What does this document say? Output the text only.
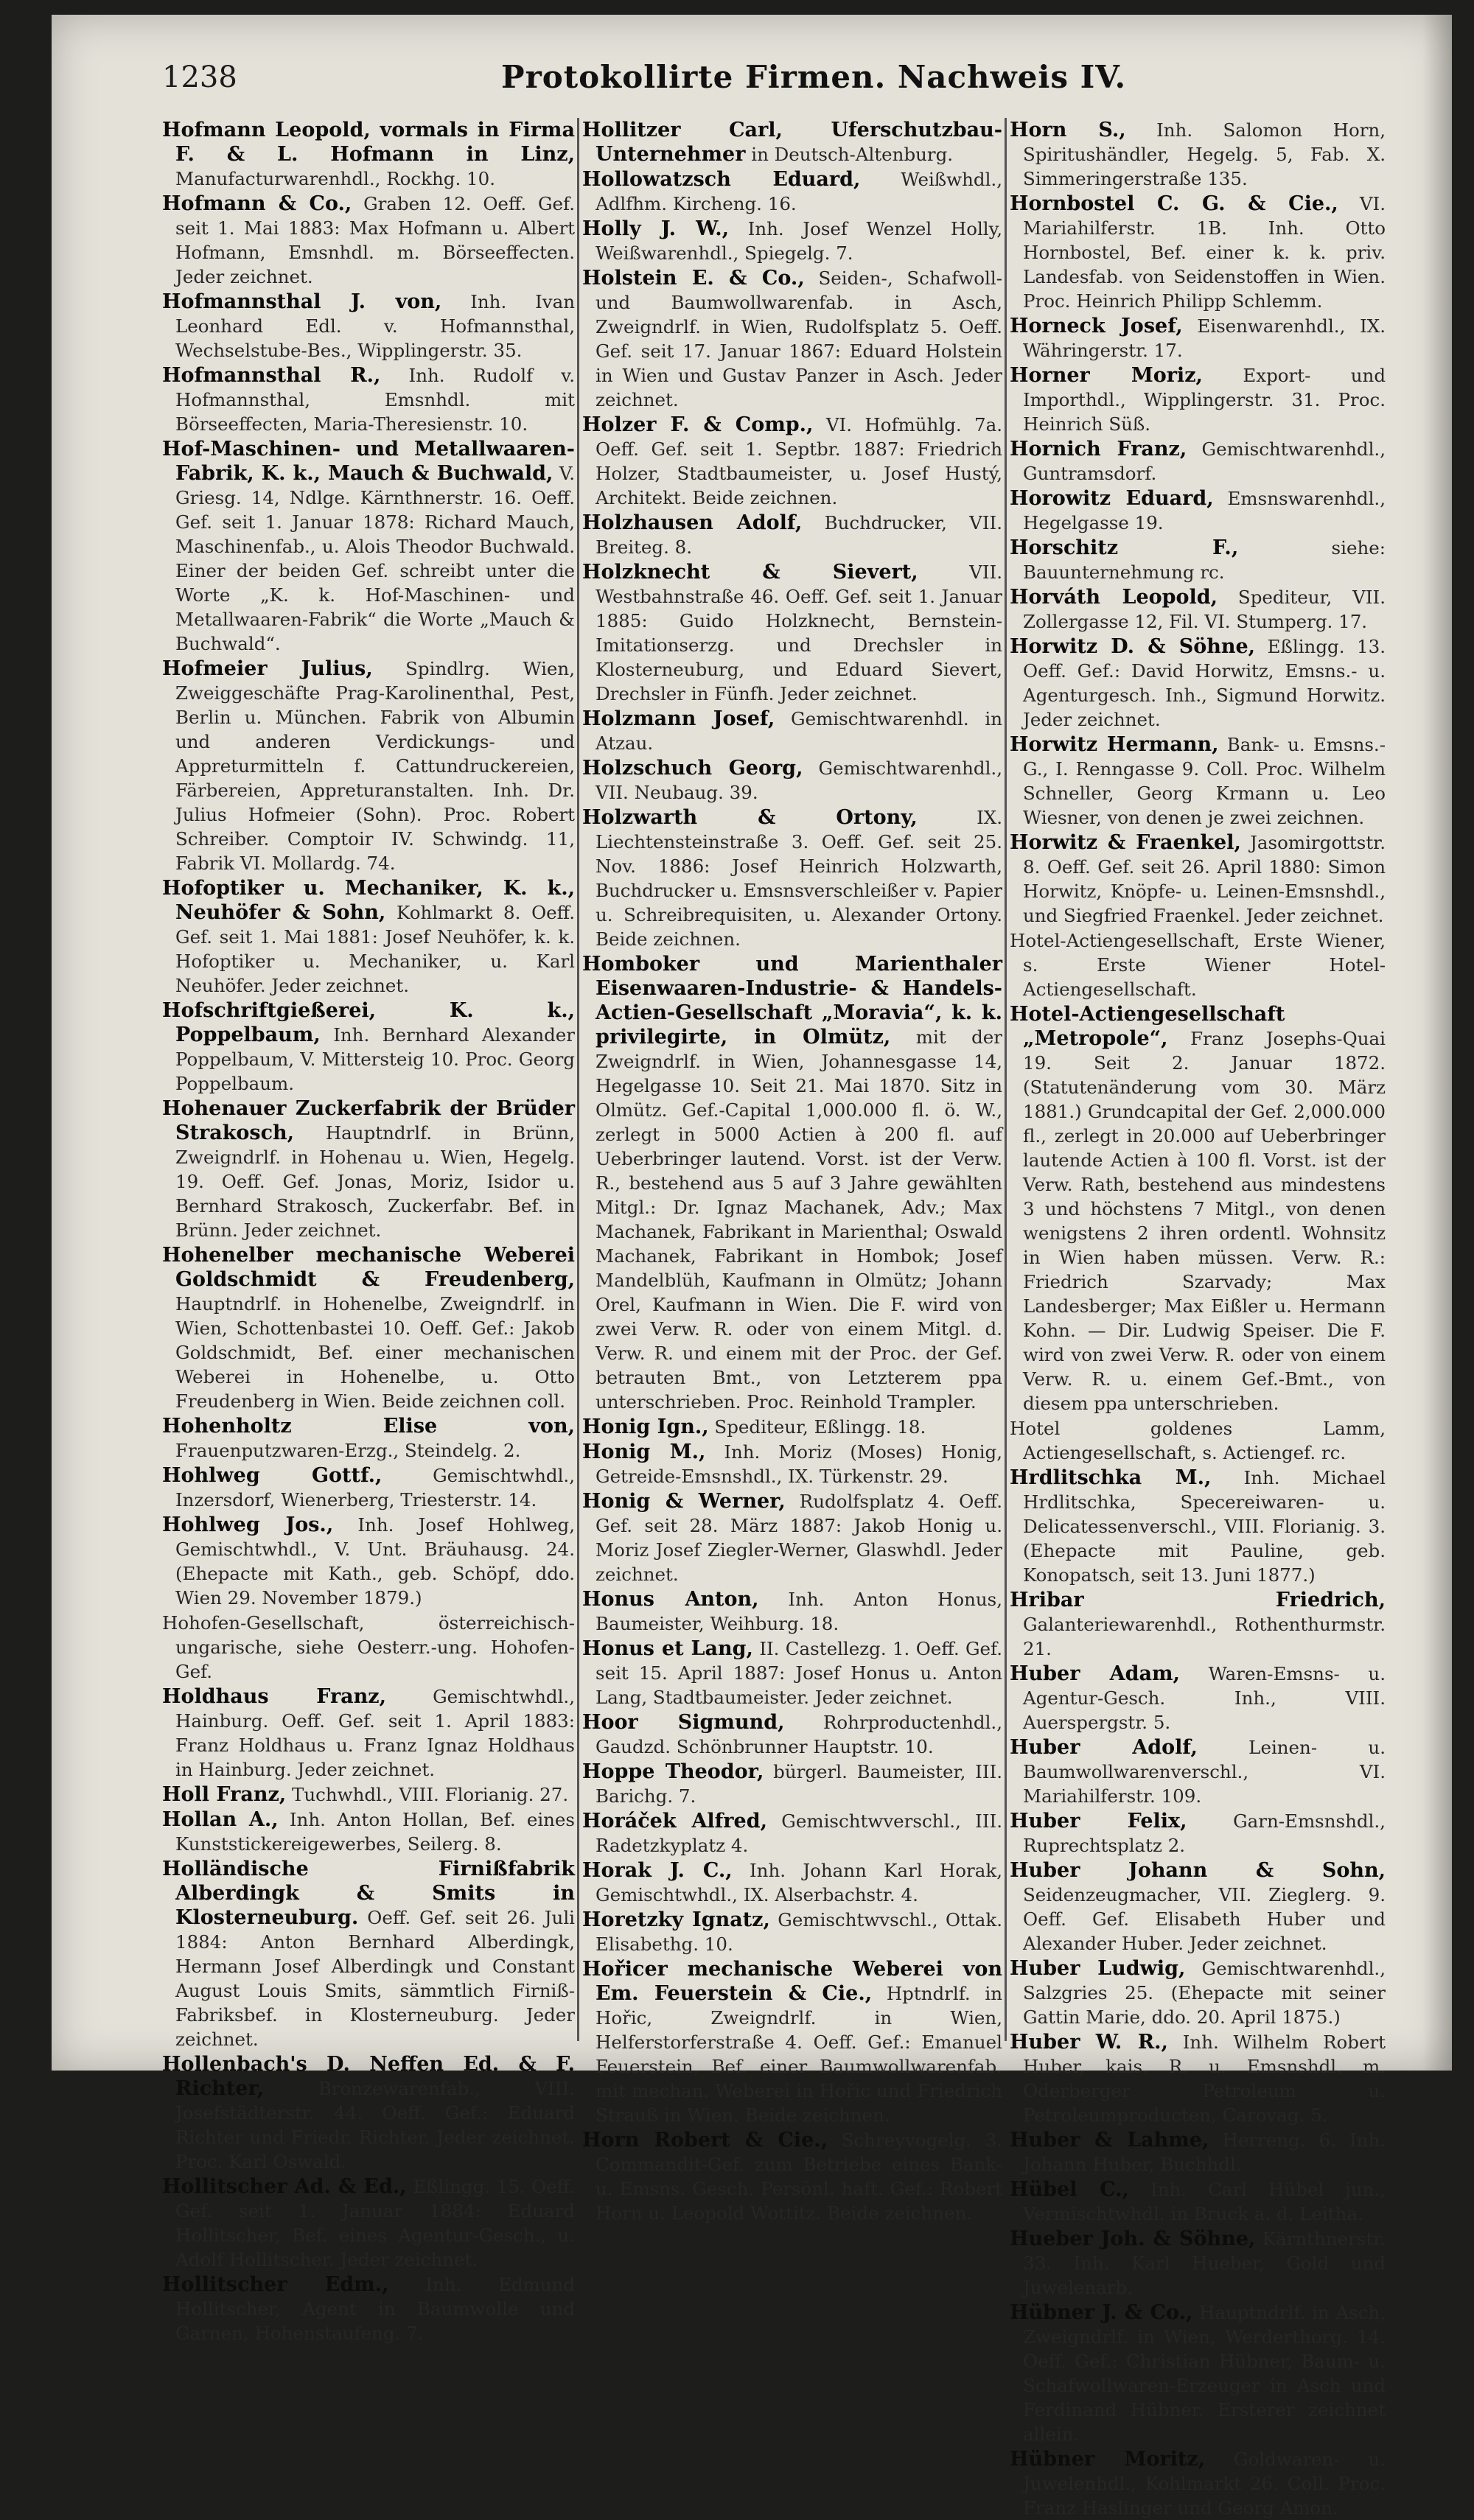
1238	Protokollirte Firmen. Nachweis IV.

Hofmann Leopold, vormals in Firma F. & L. Hofmann in Linz, Manufacturwarenhdl., Rockhg. 10.

Hofmann & Co., Graben 12. Oeff. Gef. seit 1. Mai 1883: Max Hofmann u. Albert Hofmann, Emsnhdl. m. Börseeffecten. Jeder zeichnet.

Hofmannsthal J. von, Inh. Ivan Leonhard Edl. v. Hofmannsthal, Wechselstube-Bes., Wipplingerstr. 35.

Hofmannsthal R., Inh. Rudolf v. Hofmannsthal, Emsnhdl. mit Börseeffecten, Maria-Theresienstr. 10.

Hof-Maschinen- und Metallwaaren-Fabrik, K. k., Mauch & Buchwald, V. Griesg. 14, Ndlge. Kärnthnerstr. 16. Oeff. Gef. seit 1. Januar 1878: Richard Mauch, Maschinenfab., u. Alois Theodor Buchwald. Einer der beiden Gef. schreibt unter die Worte „K. k. Hof-Maschinen- und Metallwaaren-Fabrik“ die Worte „Mauch & Buchwald“.

Hofmeier Julius, Spindlrg. Wien, Zweiggeschäfte Prag-Karolinenthal, Pest, Berlin u. München. Fabrik von Albumin und anderen Verdickungs- und Appreturmitteln f. Cattundruckereien, Färbereien, Appreturanstalten. Inh. Dr. Julius Hofmeier (Sohn). Proc. Robert Schreiber. Comptoir IV. Schwindg. 11, Fabrik VI. Mollardg. 74.

Hofoptiker u. Mechaniker, K. k., Neuhöfer & Sohn, Kohlmarkt 8. Oeff. Gef. seit 1. Mai 1881: Josef Neuhöfer, k. k. Hofoptiker u. Mechaniker, u. Karl Neuhöfer. Jeder zeichnet.

Hofschriftgießerei, K. k., Poppelbaum, Inh. Bernhard Alexander Poppelbaum, V. Mittersteig 10. Proc. Georg Poppelbaum.

Hohenauer Zuckerfabrik der Brüder Strakosch, Hauptndrlf. in Brünn, Zweigndrlf. in Hohenau u. Wien, Hegelg. 19. Oeff. Gef. Jonas, Moriz, Isidor u. Bernhard Strakosch, Zuckerfabr. Bef. in Brünn. Jeder zeichnet.

Hohenelber mechanische Weberei Goldschmidt & Freudenberg, Hauptndrlf. in Hohenelbe, Zweigndrlf. in Wien, Schottenbastei 10. Oeff. Gef.: Jakob Goldschmidt, Bef. einer mechanischen Weberei in Hohenelbe, u. Otto Freudenberg in Wien. Beide zeichnen coll.

Hohenholtz Elise von, Frauenputzwaren-Erzg., Steindelg. 2.

Hohlweg Gottf.,	Gemischtwhdl., Inzersdorf, Wienerberg, Triesterstr. 14.

Hohlweg Jos., Inh. Josef Hohlweg, Gemischtwhdl., V. Unt. Bräuhausg. 24. (Ehepacte mit Kath., geb. Schöpf, ddo. Wien 29. November 1879.)

Hohofen-Gesellschaft, österreichisch-ungarische, siehe Oesterr.-ung. Hohofen-Gef.

Holdhaus Franz,	Gemischtwhdl., Hainburg. Oeff. Gef. seit 1. April 1883: Franz Holdhaus u. Franz Ignaz Holdhaus in Hainburg. Jeder zeichnet.

Holl Franz, Tuchwhdl., VIII. Florianig. 27.

Hollan A., Inh. Anton Hollan, Bef. eines Kunststickereigewerbes, Seilerg. 8.

Holländische Firnißfabrik Alberdingk & Smits in Klosterneuburg. Oeff. Gef. seit 26. Juli 1884: Anton Bernhard Alberdingk, Hermann Josef Alberdingk und Constant August Louis Smits, sämmtlich Firniß-Fabriksbef. in Klosterneuburg. Jeder zeichnet.

Hollenbach's D. Neffen Ed. & F. Richter,	Bronzewarenfab., VIII. Josefstädterstr. 44. Oeff. Gef.: Eduard Richter und Friedr. Richter. Jeder zeichnet. Proc. Karl Oswald.

Hollitscher Ad. & Ed., Eßlingg. 15. Oeff. Gef. seit 1. Januar 1884: Eduard Hollitscher, Bef. eines Agentur-Gesch., u. Adolf Hollitscher. Jeder zeichnet.

Hollitscher Edm., Inh. Edmund Hollitscher, Agent in Baumwolle und Garnen, Hohenstaufeng. 7.

Hollitzer Carl, Uferschutzbau-Unternehmer in Deutsch-Altenburg.

Hollowatzsch Eduard, Weißwhdl., Adlfhm. Kircheng. 16.

Holly J. W., Inh. Josef Wenzel Holly, Weißwarenhdl., Spiegelg. 7.

Holstein E. & Co., Seiden-, Schafwoll- und Baumwollwarenfab. in Asch, Zweigndrlf. in Wien, Rudolfsplatz 5. Oeff. Gef. seit 17. Januar 1867: Eduard Holstein in Wien und Gustav Panzer in Asch. Jeder zeichnet.

Holzer F. & Comp., VI. Hofmühlg. 7a. Oeff. Gef. seit 1. Septbr. 1887: Friedrich Holzer, Stadtbaumeister, u. Josef Hustý, Architekt. Beide zeichnen.

Holzhausen Adolf, Buchdrucker, VII. Breiteg. 8.

Holzknecht & Sievert,	VII. Westbahnstraße 46. Oeff. Gef. seit 1. Januar 1885: Guido Holzknecht, Bernstein-Imitationserzg. und Drechsler in Klosterneuburg, und Eduard Sievert, Drechsler in Fünfh. Jeder zeichnet.

Holzmann Josef, Gemischtwarenhdl. in Atzau.

Holzschuch Georg, Gemischtwarenhdl., VII. Neubaug. 39.

Holzwarth & Ortony,	IX. Liechtensteinstraße 3. Oeff. Gef. seit 25. Nov. 1886: Josef Heinrich Holzwarth, Buchdrucker u. Emsnsverschleißer v. Papier u. Schreibrequisiten, u. Alexander Ortony. Beide zeichnen.

Homboker und Marienthaler Eisenwaaren-Industrie- & Handels-Actien-Gesellschaft „Moravia“, k. k. privilegirte, in Olmütz, mit der Zweigndrlf. in Wien, Johannesgasse 14, Hegelgasse 10. Seit 21. Mai 1870. Sitz in Olmütz. Gef.-Capital 1,000.000 fl. ö. W., zerlegt in 5000 Actien à 200 fl. auf Ueberbringer lautend. Vorst. ist der Verw. R., bestehend aus 5 auf 3 Jahre gewählten Mitgl.: Dr. Ignaz Machanek, Adv.; Max Machanek, Fabrikant in Marienthal; Oswald Machanek, Fabrikant in Hombok; Josef Mandelblüh, Kaufmann in Olmütz; Johann Orel, Kaufmann in Wien. Die F. wird von zwei Verw. R. oder von einem Mitgl. d. Verw. R. und einem mit der Proc. der Gef. betrauten Bmt., von Letzterem ppa unterschrieben. Proc. Reinhold Trampler.

Honig Ign., Spediteur, Eßlingg. 18.

Honig M., Inh. Moriz (Moses) Honig, Getreide-Emsnshdl., IX. Türkenstr. 29.

Honig & Werner, Rudolfsplatz 4. Oeff. Gef. seit 28. März 1887: Jakob Honig u. Moriz Josef Ziegler-Werner, Glaswhdl. Jeder zeichnet.

Honus Anton, Inh. Anton Honus, Baumeister, Weihburg. 18.

Honus et Lang, II. Castellezg. 1. Oeff. Gef. seit 15. April 1887: Josef Honus u. Anton Lang, Stadtbaumeister. Jeder zeichnet.

Hoor Sigmund, Rohrproductenhdl., Gaudzd. Schönbrunner Hauptstr. 10.

Hoppe Theodor, bürgerl. Baumeister, III. Barichg. 7.

Horáček Alfred, Gemischtwverschl., III. Radetzkyplatz 4.

Horak J. C., Inh. Johann Karl Horak, Gemischtwhdl., IX. Alserbachstr. 4.

Horetzky Ignatz, Gemischtwvschl., Ottak. Elisabethg. 10.

Hořicer mechanische Weberei von Em. Feuerstein & Cie., Hptndrlf. in Hořic, Zweigndrlf. in Wien, Helferstorferstraße 4. Oeff. Gef.: Emanuel Feuerstein, Bef. einer Baumwollwarenfab. mit mechan. Weberei in Hořic und Friedrich Strauß in Wien. Beide zeichnen.

Horn Robert & Cie., Schreyvogelg. 3. Commandit-Gef. zum Betriebe eines Bank- u. Emsns. Gesch. Persönl. haft. Gef.: Robert Horn u. Leopold Wottitz. Beide zeichnen.

Horn S., Inh. Salomon Horn, Spiritushändler, Hegelg. 5, Fab. X. Simmeringerstraße 135.

Hornbostel C. G. & Cie., VI. Mariahilferstr. 1B. Inh. Otto Hornbostel, Bef. einer k. k. priv. Landesfab. von Seidenstoffen in Wien. Proc. Heinrich Philipp Schlemm.

Horneck Josef, Eisenwarenhdl., IX. Währingerstr. 17.

Horner Moriz, Export- und Importhdl., Wipplingerstr. 31. Proc. Heinrich Süß.

Hornich Franz, Gemischtwarenhdl., Guntramsdorf.

Horowitz Eduard, Emsnswarenhdl., Hegelgasse 19.

Horschitz F.,	siehe: Bauunternehmung rc.

Horváth Leopold, Spediteur, VII. Zollergasse 12, Fil. VI. Stumperg. 17.

Horwitz D. & Söhne, Eßlingg. 13. Oeff. Gef.: David Horwitz, Emsns.- u. Agenturgesch. Inh., Sigmund Horwitz. Jeder zeichnet.

Horwitz Hermann, Bank- u. Emsns.-G., I. Renngasse 9. Coll. Proc. Wilhelm Schneller, Georg Krmann u. Leo Wiesner, von denen je zwei zeichnen.

Horwitz & Fraenkel, Jasomirgottstr. 8. Oeff. Gef. seit 26. April 1880: Simon Horwitz, Knöpfe- u. Leinen-Emsnshdl., und Siegfried Fraenkel. Jeder zeichnet.

Hotel-Actiengesellschaft, Erste Wiener, s. Erste Wiener Hotel-Actiengesellschaft.

Hotel-Actiengesellschaft „Metropole“, Franz Josephs-Quai 19. Seit 2. Januar 1872. (Statutenänderung vom 30. März 1881.) Grundcapital der Gef. 2,000.000 fl., zerlegt in 20.000 auf Ueberbringer lautende Actien à 100 fl. Vorst. ist der Verw. Rath, bestehend aus mindestens 3 und höchstens 7 Mitgl., von denen wenigstens 2 ihren ordentl. Wohnsitz in Wien haben müssen. Verw. R.: Friedrich Szarvady; Max Landesberger; Max Eißler u. Hermann Kohn. — Dir. Ludwig Speiser. Die F. wird von zwei Verw. R. oder von einem Verw. R. u. einem Gef.-Bmt., von diesem ppa unterschrieben.

Hotel goldenes Lamm, Actiengesellschaft, s. Actiengef. rc.

Hrdlitschka M., Inh. Michael Hrdlitschka, Specereiwaren- u. Delicatessenverschl., VIII. Florianig. 3. (Ehepacte mit Pauline, geb. Konopatsch, seit 13. Juni 1877.)

Hribar Friedrich, Galanteriewarenhdl., Rothenthurmstr. 21.

Huber Adam, Waren-Emsns- u. Agentur-Gesch. Inh., VIII. Auerspergstr. 5.

Huber Adolf,	Leinen- u. Baumwollwarenverschl., VI. Mariahilferstr. 109.

Huber Felix,	Garn-Emsnshdl., Ruprechtsplatz 2.

Huber Johann & Sohn, Seidenzeugmacher, VII. Zieglerg. 9. Oeff. Gef. Elisabeth Huber und Alexander Huber. Jeder zeichnet.

Huber Ludwig, Gemischtwarenhdl., Salzgries 25. (Ehepacte mit seiner Gattin Marie, ddo. 20. April 1875.)

Huber W. R., Inh. Wilhelm Robert Huber, kais. R. u. Emsnshdl. m. Oderberger Petroleum u. Petroleumproducten, Carovag. 5.

Huber & Lahme, Herreng. 6. Inh. Johann Huber, Buchhdl.

Hübel C., Inh. Carl Hübel jun., Vermischtwhdl. in Bruck a. d. Leitha.

Hueber Joh. & Söhne, Kärnthnerstr. 33. Inh. Karl Hueber, Gold und Juwelenarb.

Hübner J. & Co., Hauptndrlf. in Asch, Zweigndrlf. in Wien, Werderthorg. 14. Oeff. Gef.: Christian Hübner, Baum- u. Schafwollwaren-Erzeuger in Asch und Ferdinand Hübner. Ersterer zeichnet allein.

Hübner Moritz, Goldwaren- u. Juwelenhdl., Kohlmarkt 26. Coll. Proc. Franz Haslinger und Georg Amon.
